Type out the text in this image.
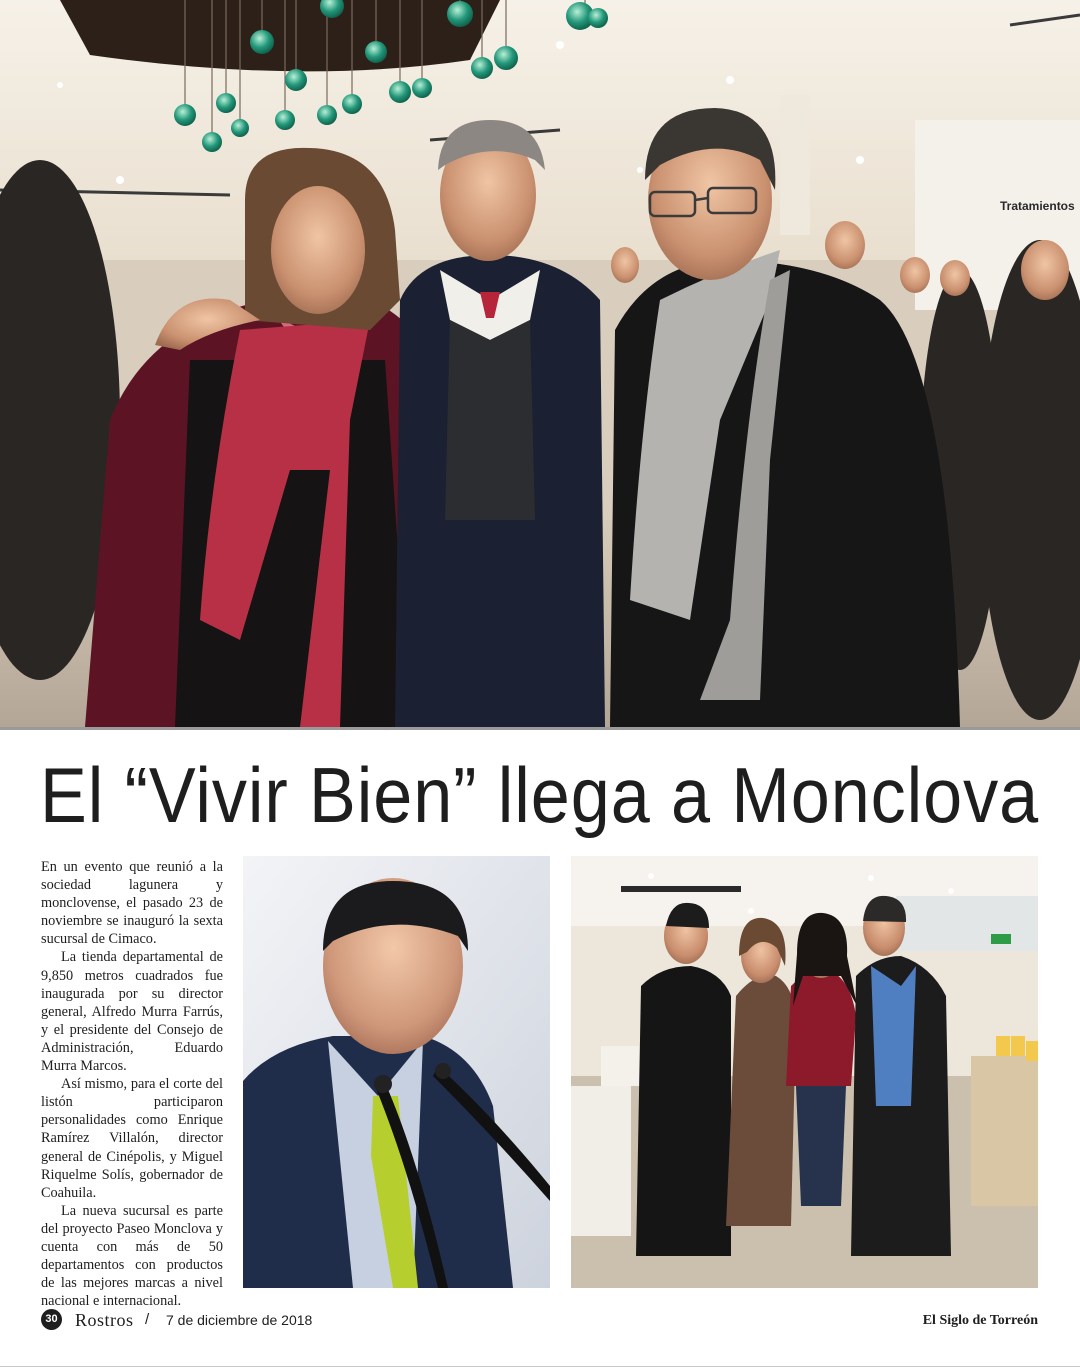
Tratamientos
El “Vivir Bien” llega a Monclova

En un evento que reunió a la sociedad lagunera y monclovense, el pasado 23 de noviembre se inauguró la sexta sucursal de Cimaco.

La tienda departamental de 9,850 metros cuadrados fue inaugurada por su director general, Alfredo Murra Farrús, y el presidente del Consejo de Administración, Eduardo Murra Marcos.

Así mismo, para el corte del listón participaron personalidades como Enrique Ramírez Villalón, director general de Cinépolis, y Miguel Riquelme Solís, gobernador de Coahuila.

La nueva sucursal es parte del proyecto Paseo Monclova y cuenta con más de 50 departamentos con productos de las mejores marcas a nivel nacional e internacional.

30 Rostros / 7 de diciembre de 2018	El Siglo de Torreón
